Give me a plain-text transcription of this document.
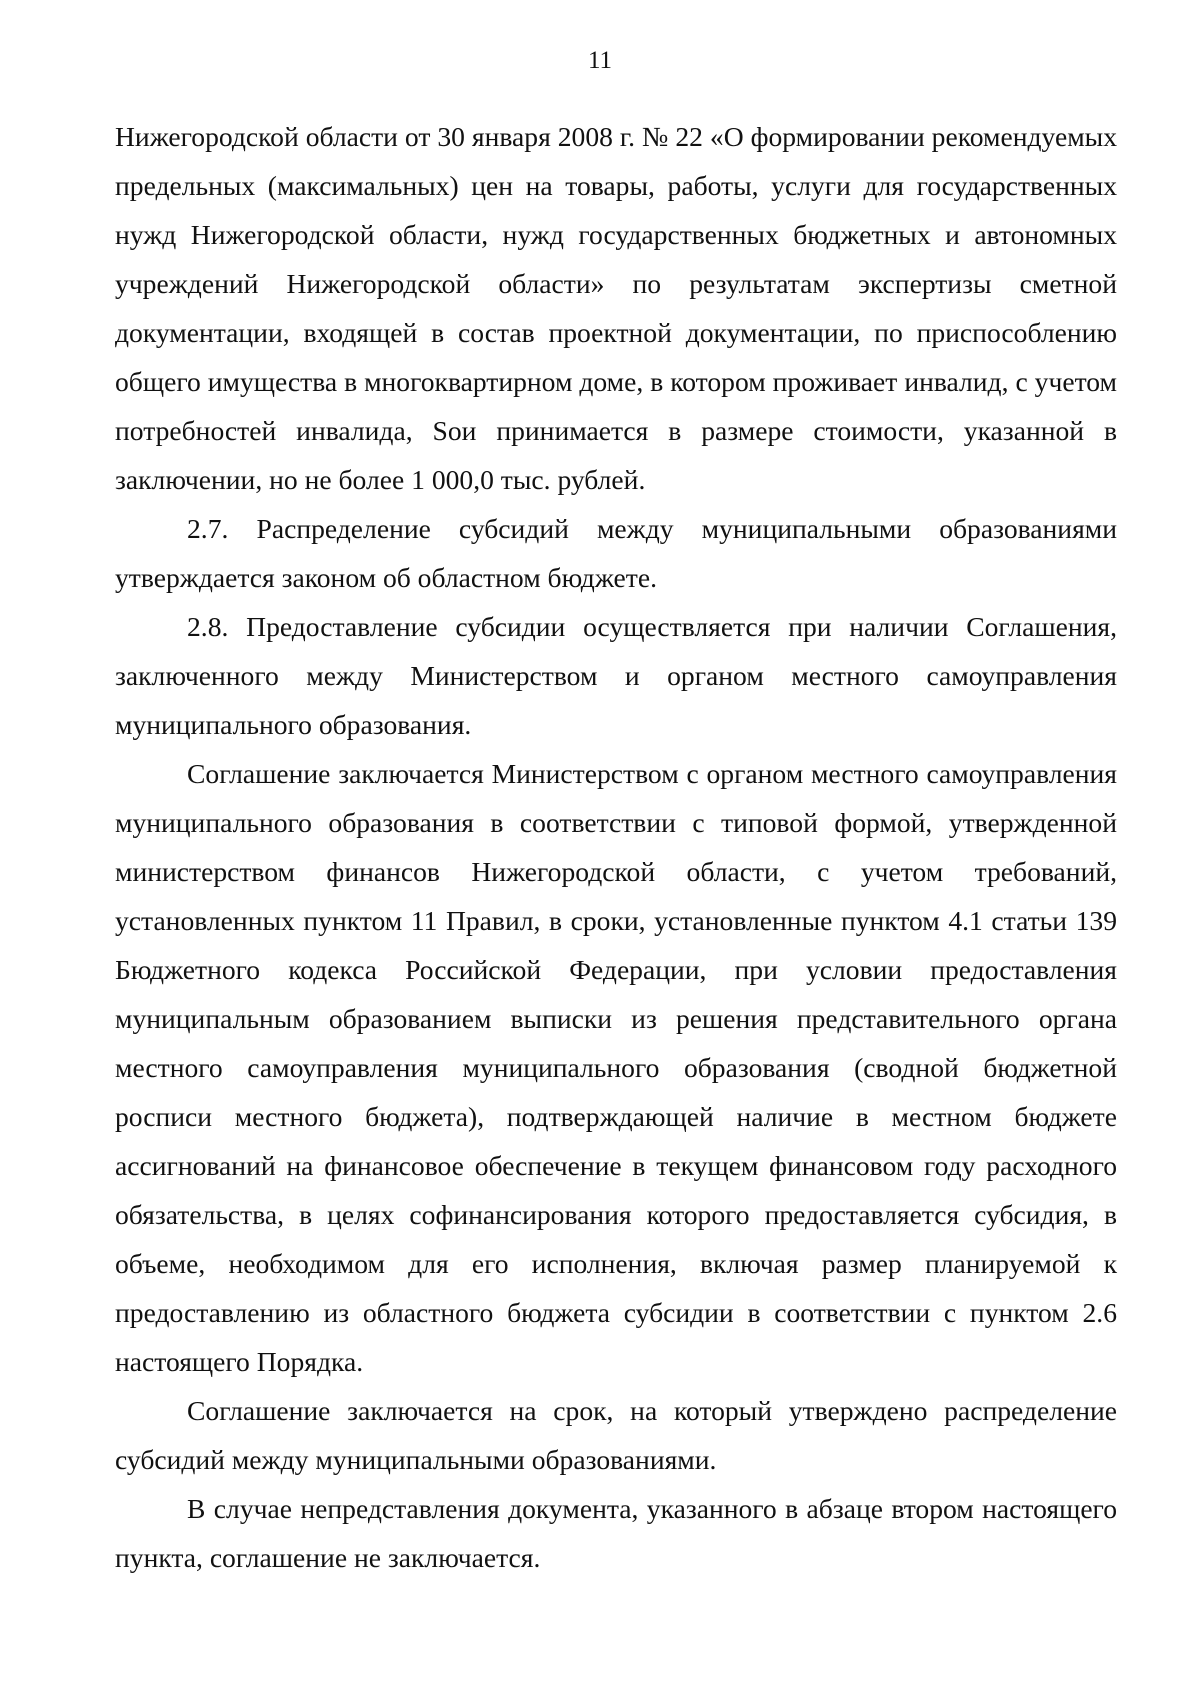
11

Нижегородской области от 30 января 2008 г. № 22 «О формировании рекомендуемых предельных (максимальных) цен на товары, работы, услуги для государственных нужд Нижегородской области, нужд государственных бюджетных и автономных учреждений Нижегородской области» по результатам экспертизы сметной документации, входящей в состав проектной документации, по приспособлению общего имущества в многоквартирном доме, в котором проживает инвалид, с учетом потребностей инвалида, Sои принимается в размере стоимости, указанной в заключении, но не более 1 000,0 тыс. рублей.

2.7. Распределение субсидий между муниципальными образованиями утверждается законом об областном бюджете.

2.8. Предоставление субсидии осуществляется при наличии Соглашения, заключенного между Министерством и органом местного самоуправления муниципального образования.

Соглашение заключается Министерством с органом местного самоуправления муниципального образования в соответствии с типовой формой, утвержденной министерством финансов Нижегородской области, с учетом требований, установленных пунктом 11 Правил, в сроки, установленные пунктом 4.1 статьи 139 Бюджетного кодекса Российской Федерации, при условии предоставления муниципальным образованием выписки из решения представительного органа местного самоуправления муниципального образования (сводной бюджетной росписи местного бюджета), подтверждающей наличие в местном бюджете ассигнований на финансовое обеспечение в текущем финансовом году расходного обязательства, в целях софинансирования которого предоставляется субсидия, в объеме, необходимом для его исполнения, включая размер планируемой к предоставлению из областного бюджета субсидии в соответствии с пунктом 2.6 настоящего Порядка.

Соглашение заключается на срок, на который утверждено распределение субсидий между муниципальными образованиями.

В случае непредставления документа, указанного в абзаце втором настоящего пункта, соглашение не заключается.
